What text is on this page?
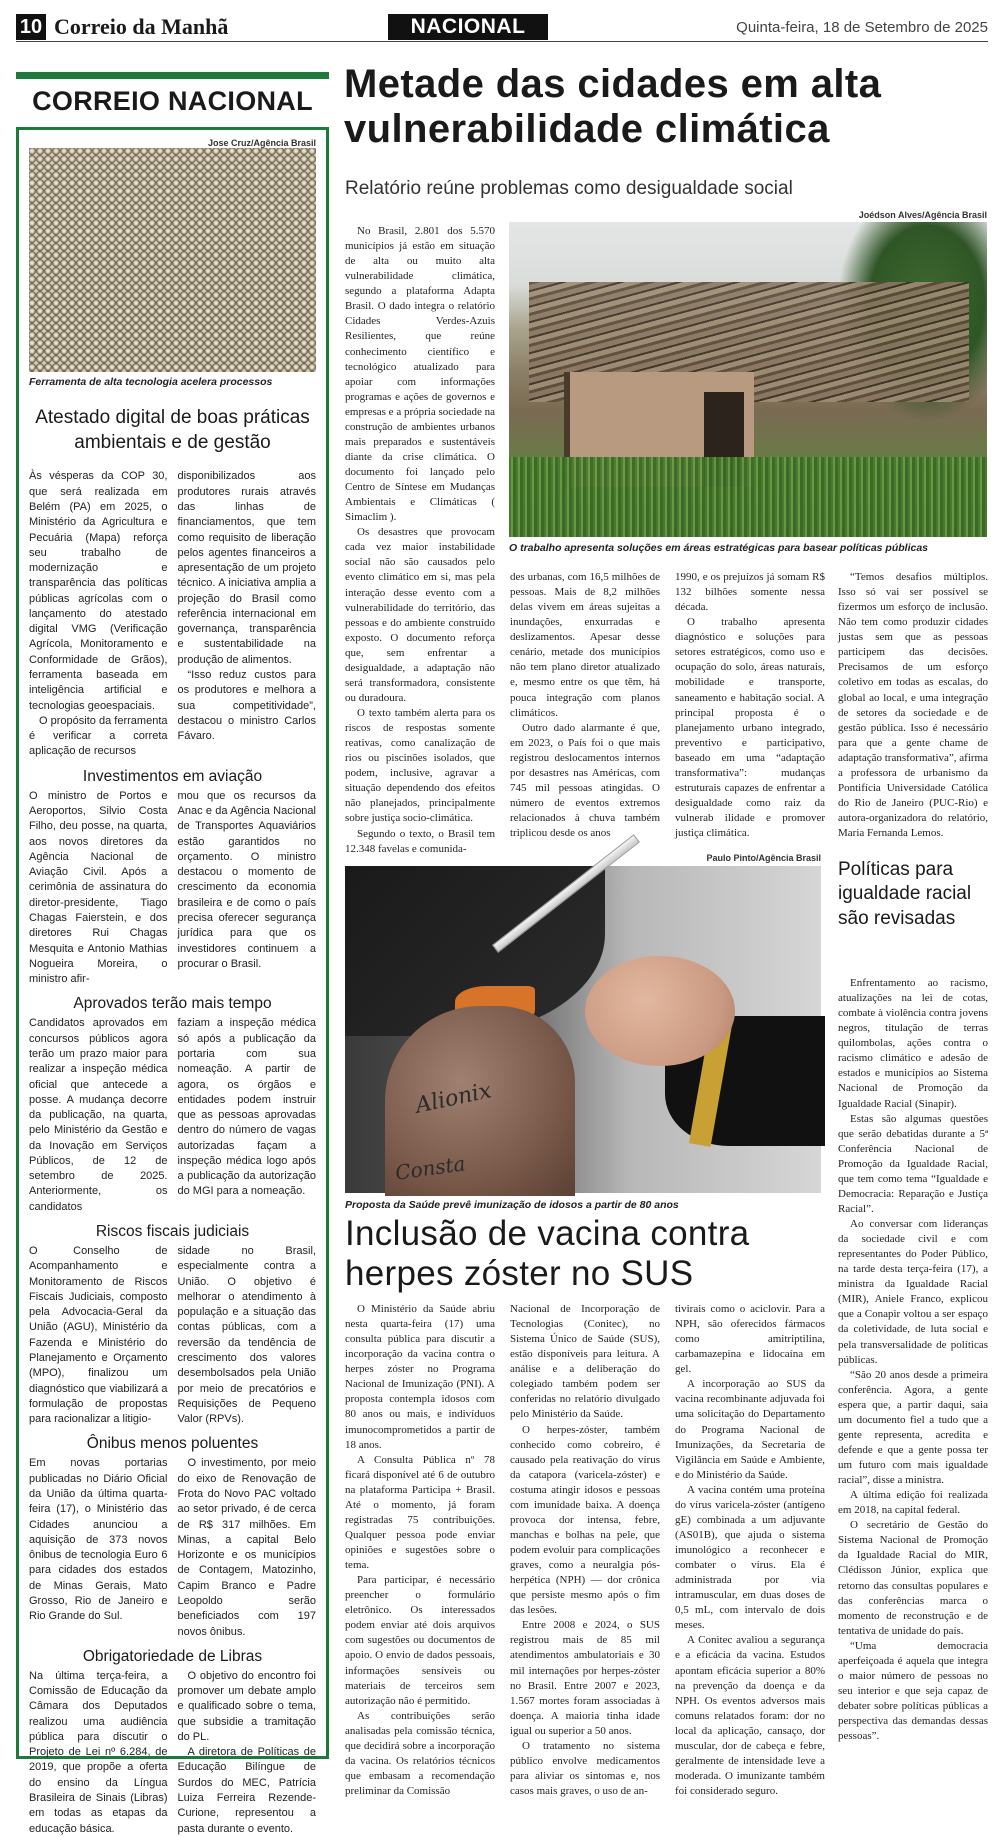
10 Correio da Manhã	NACIONAL	Quinta-feira, 18 de Setembro de 2025
CORREIO NACIONAL
Jose Cruz/Agência Brasil
Ferramenta de alta tecnologia acelera processos
Atestado digital de boas práticas ambientais e de gestão

Às vésperas da COP 30, que será realizada em Belém (PA) em 2025, o Ministério da Agricultura e Pecuária (Mapa) reforça seu trabalho de modernização e transparência das políticas públicas agrícolas com o lançamento do atestado digital VMG (Verificação Agrícola, Monitoramento e Conformidade de Grãos), ferramenta baseada em inteligência artificial e tecnologias geoespaciais.

O propósito da ferramenta é verificar a correta aplicação de recursos

disponibilizados aos produtores rurais através das linhas de financiamentos, que tem como requisito de liberação pelos agentes financeiros a apresentação de um projeto técnico. A iniciativa amplia a projeção do Brasil como referência internacional em governança, transparência e sustentabilidade na produção de alimentos.

“Isso reduz custos para os produtores e melhora a sua competitividade”, destacou o ministro Carlos Fávaro.

Investimentos em aviação

O ministro de Portos e Aeroportos, Silvio Costa Filho, deu posse, na quarta, aos novos diretores da Agência Nacional de Aviação Civil. Após a cerimônia de assinatura do diretor-presidente, Tiago Chagas Faierstein, e dos diretores Rui Chagas Mesquita e Antonio Mathias Nogueira Moreira, o ministro afir-

mou que os recursos da Anac e da Agência Nacional de Transportes Aquaviários estão garantidos no orçamento. O ministro destacou o momento de crescimento da economia brasileira e de como o país precisa oferecer segurança jurídica para que os investidores continuem a procurar o Brasil.

Aprovados terão mais tempo

Candidatos aprovados em concursos públicos agora terão um prazo maior para realizar a inspeção médica oficial que antecede a posse. A mudança decorre da publicação, na quarta, pelo Ministério da Gestão e da Inovação em Serviços Públicos, de 12 de setembro de 2025. Anteriormente, os candidatos

faziam a inspeção médica só após a publicação da portaria com sua nomeação. A partir de agora, os órgãos e entidades podem instruir que as pessoas aprovadas dentro do número de vagas autorizadas façam a inspeção médica logo após a publicação da autorização do MGI para a nomeação.

Riscos fiscais judiciais

O Conselho de Acompanhamento e Monitoramento de Riscos Fiscais Judiciais, composto pela Advocacia-Geral da União (AGU), Ministério da Fazenda e Ministério do Planejamento e Orçamento (MPO), finalizou um diagnóstico que viabilizará a formulação de propostas para racionalizar a litigio-

sidade no Brasil, especialmente contra a União. O objetivo é melhorar o atendimento à população e a situação das contas públicas, com a reversão da tendência de crescimento dos valores desembolsados pela União por meio de precatórios e Requisições de Pequeno Valor (RPVs).

Ônibus menos poluentes

Em novas portarias publicadas no Diário Oficial da União da última quarta-feira (17), o Ministério das Cidades anunciou a aquisição de 373 novos ônibus de tecnologia Euro 6 para cidades dos estados de Minas Gerais, Mato Grosso, Rio de Janeiro e Rio Grande do Sul.

O investimento, por meio do eixo de Renovação de Frota do Novo PAC voltado ao setor privado, é de cerca de R$ 317 milhões. Em Minas, a capital Belo Horizonte e os municípios de Contagem, Matozinho, Capim Branco e Padre Leopoldo serão beneficiados com 197 novos ônibus.

Obrigatoriedade de Libras

Na última terça-feira, a Comissão de Educação da Câmara dos Deputados realizou uma audiência pública para discutir o Projeto de Lei nº 6.284, de 2019, que propõe a oferta do ensino da Língua Brasileira de Sinais (Libras) em todas as etapas da educação básica.

O objetivo do encontro foi promover um debate amplo e qualificado sobre o tema, que subsidie a tramitação do PL.

A diretora de Políticas de Educação Bilíngue de Surdos do MEC, Patrícia Luiza Ferreira Rezende-Curione, representou a pasta durante o evento.

Metade das cidades em alta vulnerabilidade climática
Relatório reúne problemas como desigualdade social
Joédson Alves/Agência Brasil
O trabalho apresenta soluções em áreas estratégicas para basear políticas públicas

No Brasil, 2.801 dos 5.570 municípios já estão em situação de alta ou muito alta vulnerabilidade climática, segundo a plataforma Adapta Brasil. O dado integra o relatório Cidades Verdes-Azuis Resilientes, que reúne conhecimento científico e tecnológico atualizado para apoiar com informações programas e ações de governos e empresas e a própria sociedade na construção de ambientes urbanos mais preparados e sustentáveis diante da crise climática. O documento foi lançado pelo Centro de Síntese em Mudanças Ambientais e Climáticas ( Simaclim ).

Os desastres que provocam cada vez maior instabilidade social não são causados pelo evento climático em si, mas pela interação desse evento com a vulnerabilidade do território, das pessoas e do ambiente construído exposto. O documento reforça que, sem enfrentar a desigualdade, a adaptação não será transformadora, consistente ou duradoura.

O texto também alerta para os riscos de respostas somente reativas, como canalização de rios ou piscinões isolados, que podem, inclusive, agravar a situação dependendo dos efeitos não planejados, principalmente sobre justiça socio-climática.

Segundo o texto, o Brasil tem 12.348 favelas e comunida-

des urbanas, com 16,5 milhões de pessoas. Mais de 8,2 milhões delas vivem em áreas sujeitas a inundações, enxurradas e deslizamentos. Apesar desse cenário, metade dos municípios não tem plano diretor atualizado e, mesmo entre os que têm, há pouca integração com planos climáticos.

Outro dado alarmante é que, em 2023, o País foi o que mais registrou deslocamentos internos por desastres nas Américas, com 745 mil pessoas atingidas. O número de eventos extremos relacionados à chuva também triplicou desde os anos

1990, e os prejuízos já somam R$ 132 bilhões somente nessa década.

O trabalho apresenta diagnóstico e soluções para setores estratégicos, como uso e ocupação do solo, áreas naturais, mobilidade e transporte, saneamento e habitação social. A principal proposta é o planejamento urbano integrado, preventivo e participativo, baseado em uma “adaptação transformativa”: mudanças estruturais capazes de enfrentar a desigualdade como raiz da vulnerab ilidade e promover justiça climática.

“Temos desafios múltiplos. Isso só vai ser possível se fizermos um esforço de inclusão. Não tem como produzir cidades justas sem que as pessoas participem das decisões. Precisamos de um esforço coletivo em todas as escalas, do global ao local, e uma integração de setores da sociedade e de gestão pública. Isso é necessário para que a gente chame de adaptação transformativa”, afirma a professora de urbanismo da Pontifícia Universidade Católica do Rio de Janeiro (PUC-Rio) e autora-organizadora do relatório, Maria Fernanda Lemos.

Paulo Pinto/Agência Brasil
Alionix
Consta
Proposta da Saúde prevê imunização de idosos a partir de 80 anos
Inclusão de vacina contra herpes zóster no SUS

O Ministério da Saúde abriu nesta quarta-feira (17) uma consulta pública para discutir a incorporação da vacina contra o herpes zóster no Programa Nacional de Imunização (PNI). A proposta contempla idosos com 80 anos ou mais, e indivíduos imunocomprometidos a partir de 18 anos.

A Consulta Pública nº 78 ficará disponível até 6 de outubro na plataforma Participa + Brasil. Até o momento, já foram registradas 75 contribuições. Qualquer pessoa pode enviar opiniões e sugestões sobre o tema.

Para participar, é necessário preencher o formulário eletrônico. Os interessados podem enviar até dois arquivos com sugestões ou documentos de apoio. O envio de dados pessoais, informações sensíveis ou materiais de terceiros sem autorização não é permitido.

As contribuições serão analisadas pela comissão técnica, que decidirá sobre a incorporação da vacina. Os relatórios técnicos que embasam a recomendação preliminar da Comissão

Nacional de Incorporação de Tecnologias (Conitec), no Sistema Único de Saúde (SUS), estão disponíveis para leitura. A análise e a deliberação do colegiado também podem ser conferidas no relatório divulgado pelo Ministério da Saúde.

O herpes-zóster, também conhecido como cobreiro, é causado pela reativação do vírus da catapora (varicela-zóster) e costuma atingir idosos e pessoas com imunidade baixa. A doença provoca dor intensa, febre, manchas e bolhas na pele, que podem evoluir para complicações graves, como a neuralgia pós-herpética (NPH) — dor crônica que persiste mesmo após o fim das lesões.

Entre 2008 e 2024, o SUS registrou mais de 85 mil atendimentos ambulatoriais e 30 mil internações por herpes-zóster no Brasil. Entre 2007 e 2023, 1.567 mortes foram associadas à doença. A maioria tinha idade igual ou superior a 50 anos.

O tratamento no sistema público envolve medicamentos para aliviar os sintomas e, nos casos mais graves, o uso de an-

tivirais como o aciclovir. Para a NPH, são oferecidos fármacos como amitriptilina, carbamazepina e lidocaína em gel.

A incorporação ao SUS da vacina recombinante adjuvada foi uma solicitação do Departamento do Programa Nacional de Imunizações, da Secretaria de Vigilância em Saúde e Ambiente, e do Ministério da Saúde.

A vacina contém uma proteína do vírus varicela-zóster (antígeno gE) combinada a um adjuvante (AS01B), que ajuda o sistema imunológico a reconhecer e combater o vírus. Ela é administrada por via intramuscular, em duas doses de 0,5 mL, com intervalo de dois meses.

A Conitec avaliou a segurança e a eficácia da vacina. Estudos apontam eficácia superior a 80% na prevenção da doença e da NPH. Os eventos adversos mais comuns relatados foram: dor no local da aplicação, cansaço, dor muscular, dor de cabeça e febre, geralmente de intensidade leve a moderada. O imunizante também foi considerado seguro.

Políticas para igualdade racial são revisadas

Enfrentamento ao racismo, atualizações na lei de cotas, combate à violência contra jovens negros, titulação de terras quilombolas, ações contra o racismo climático e adesão de estados e municípios ao Sistema Nacional de Promoção da Igualdade Racial (Sinapir).

Estas são algumas questões que serão debatidas durante a 5ª Conferência Nacional de Promoção da Igualdade Racial, que tem como tema “Igualdade e Democracia: Reparação e Justiça Racial”.

Ao conversar com lideranças da sociedade civil e com representantes do Poder Público, na tarde desta terça-feira (17), a ministra da Igualdade Racial (MIR), Aniele Franco, explicou que a Conapir voltou a ser espaço da coletividade, de luta social e pela transversalidade de políticas públicas.

“São 20 anos desde a primeira conferência. Agora, a gente espera que, a partir daqui, saia um documento fiel a tudo que a gente representa, acredita e defende e que a gente possa ter um futuro com mais igualdade racial”, disse a ministra.

A última edição foi realizada em 2018, na capital federal.

O secretário de Gestão do Sistema Nacional de Promoção da Igualdade Racial do MIR, Clédisson Júnior, explica que retorno das consultas populares e das conferências marca o momento de reconstrução e de tentativa de unidade do país.

“Uma democracia aperfeiçoada é aquela que integra o maior número de pessoas no seu interior e que seja capaz de debater sobre políticas públicas a perspectiva das demandas dessas pessoas”.
